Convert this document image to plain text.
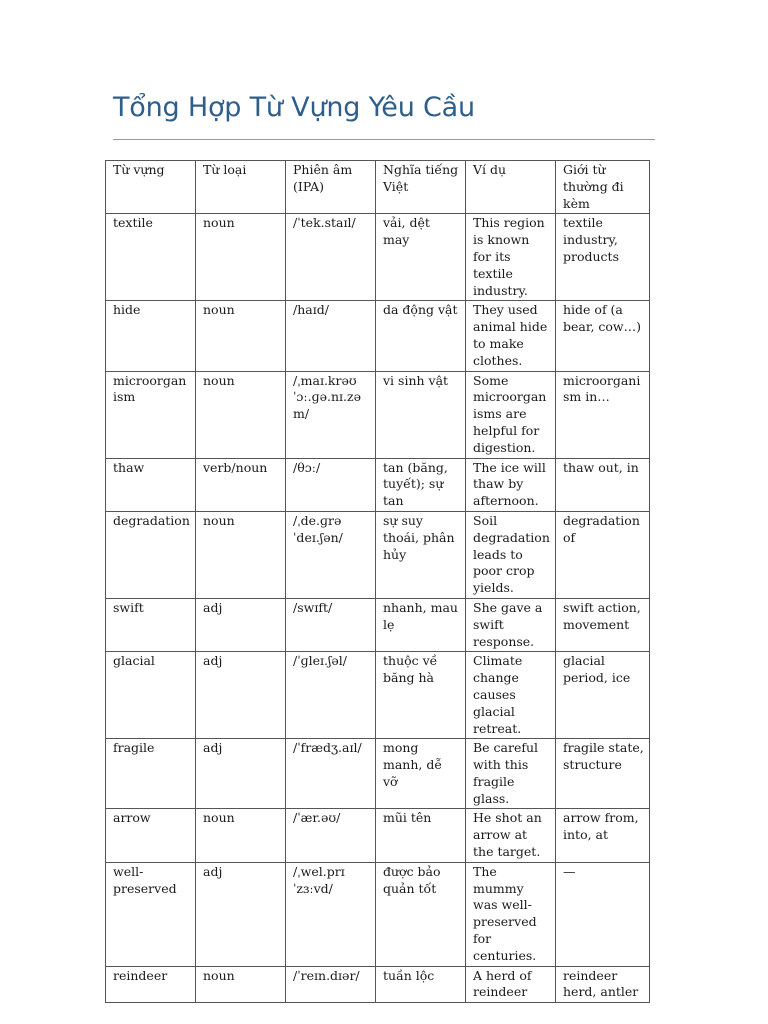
Tổng Hợp Từ Vựng Yêu Cầu
Từ vựng	Từ loại	Phiên âm (IPA)	Nghĩa tiếng Việt	Ví dụ	Giới từ thường đi kèm
textile	noun	/ˈtek.staɪl/	vải, dệt may	This region is known for its textile industry.	textile industry, products
hide	noun	/haɪd/	da động vật	They used animal hide to make clothes.	hide of (a bear, cow…)
microorganism	noun	/ˌmaɪ.krəʊˈɔː.ɡə.nɪ.zəm/	vi sinh vật	Some microorganisms are helpful for digestion.	microorganism in…
thaw	verb/noun	/θɔː/	tan (băng, tuyết); sự tan	The ice will thaw by afternoon.	thaw out, in
degradation	noun	/ˌde.ɡrəˈdeɪ.ʃən/	sự suy thoái, phân hủy	Soil degradation leads to poor crop yields.	degradation of
swift	adj	/swɪft/	nhanh, mau lẹ	She gave a swift response.	swift action, movement
glacial	adj	/ˈɡleɪ.ʃəl/	thuộc về băng hà	Climate change causes glacial retreat.	glacial period, ice
fragile	adj	/ˈfrædʒ.aɪl/	mong manh, dễ vỡ	Be careful with this fragile glass.	fragile state, structure
arrow	noun	/ˈær.əʊ/	mũi tên	He shot an arrow at the target.	arrow from, into, at
well-preserved	adj	/ˌwel.prɪˈzɜːvd/	được bảo quản tốt	The mummy was well-preserved for centuries.	—
reindeer	noun	/ˈreɪn.dɪər/	tuần lộc	A herd of reindeer	reindeer herd, antler
